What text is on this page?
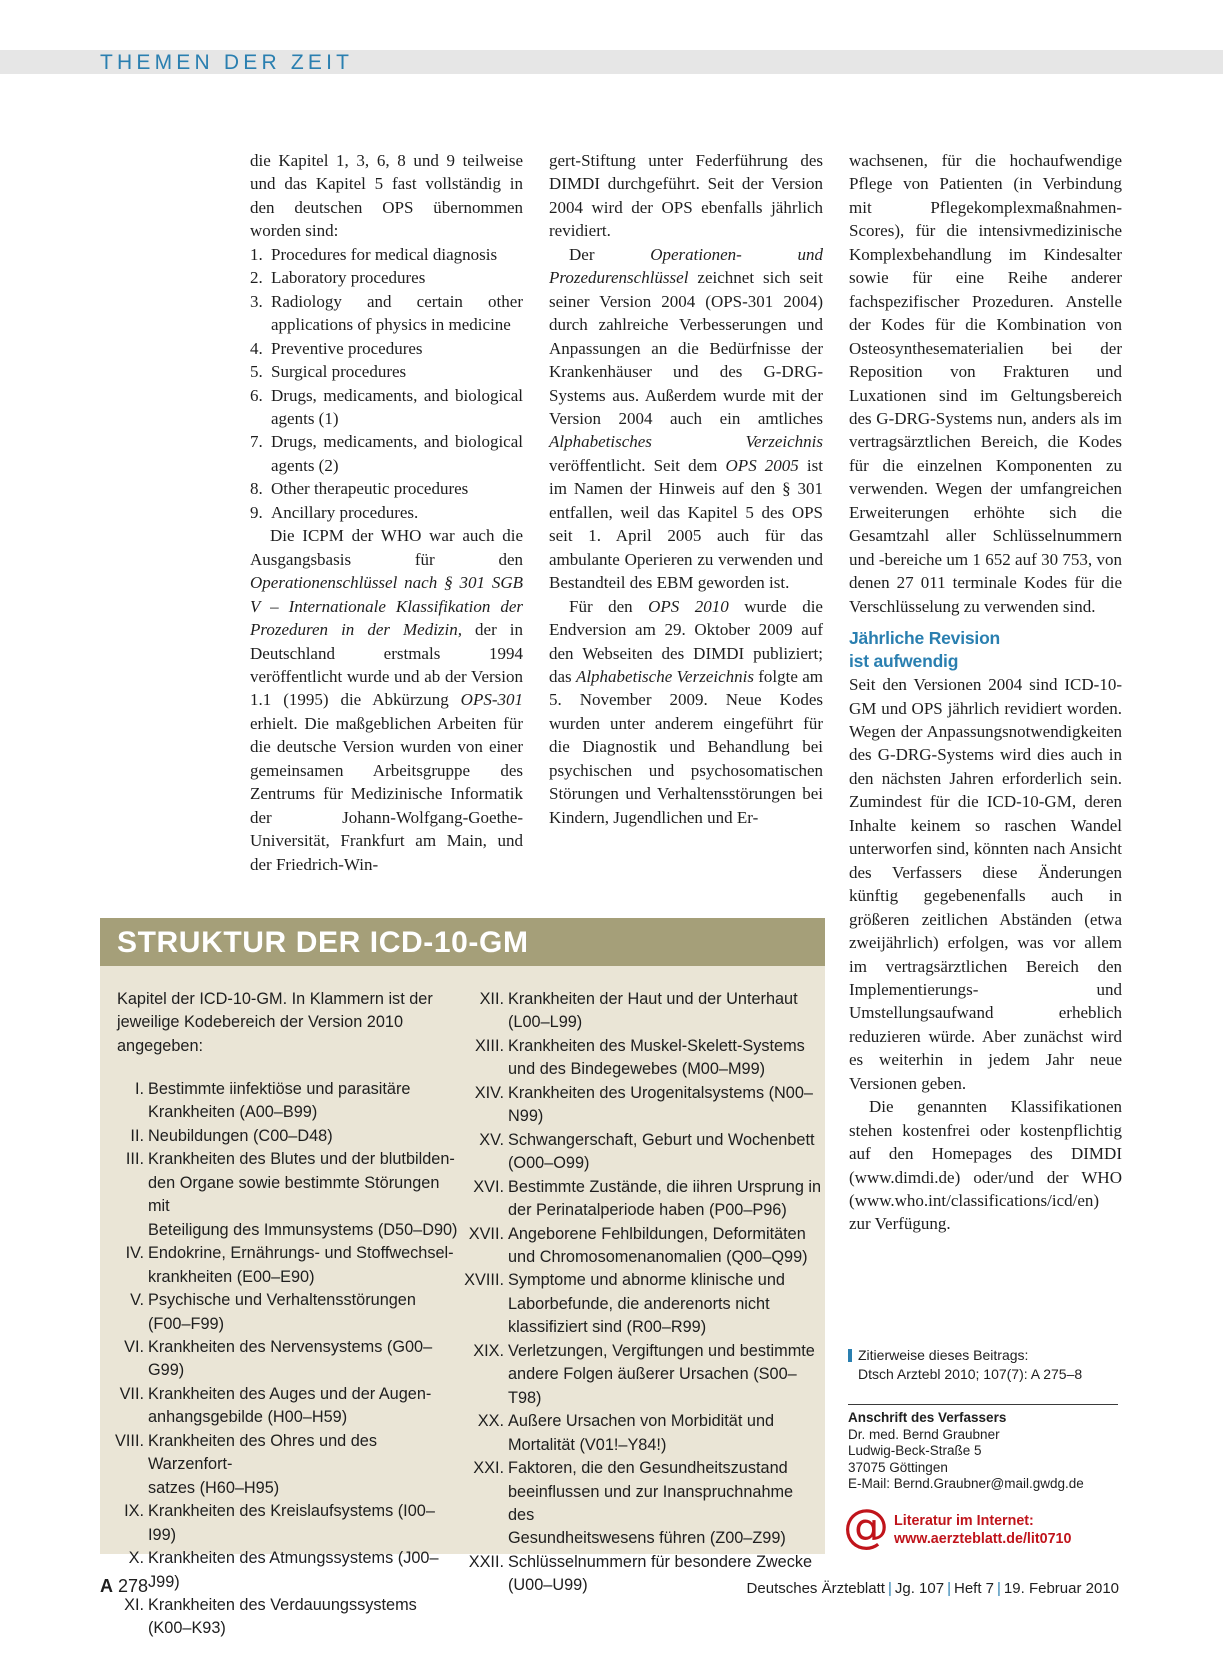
THEMEN DER ZEIT

die Kapitel 1, 3, 6, 8 und 9 teilweise und das Kapitel 5 fast vollständig in den deutschen OPS übernommen worden sind:

1. Procedures for medical diagnosis
2. Laboratory procedures
3. Radiology and certain other applications of physics in medicine
4. Preventive procedures
5. Surgical procedures
6. Drugs, medicaments, and biological agents (1)
7. Drugs, medicaments, and biological agents (2)
8. Other therapeutic procedures
9. Ancillary procedures.

Die ICPM der WHO war auch die Ausgangsbasis für den Operationenschlüssel nach § 301 SGB V – Internationale Klassifikation der Prozeduren in der Medizin, der in Deutschland erstmals 1994 veröffentlicht wurde und ab der Version 1.1 (1995) die Abkürzung OPS-301 erhielt. Die maßgeblichen Arbeiten für die deutsche Version wurden von einer gemeinsamen Arbeitsgruppe des Zentrums für Medizinische Informatik der Johann-Wolfgang-Goethe-Universität, Frankfurt am Main, und der Friedrich-Win-

gert-Stiftung unter Federführung des DIMDI durchgeführt. Seit der Version 2004 wird der OPS ebenfalls jährlich revidiert.

Der Operationen- und Prozedurenschlüssel zeichnet sich seit seiner Version 2004 (OPS-301 2004) durch zahlreiche Verbesserungen und Anpassungen an die Bedürfnisse der Krankenhäuser und des G-DRG-Systems aus. Außerdem wurde mit der Version 2004 auch ein amtliches Alphabetisches Verzeichnis veröffentlicht. Seit dem OPS 2005 ist im Namen der Hinweis auf den § 301 entfallen, weil das Kapitel 5 des OPS seit 1. April 2005 auch für das ambulante Operieren zu verwenden und Bestandteil des EBM geworden ist.

Für den OPS 2010 wurde die Endversion am 29. Oktober 2009 auf den Webseiten des DIMDI publiziert; das Alphabetische Verzeichnis folgte am 5. November 2009. Neue Kodes wurden unter anderem eingeführt für die Diagnostik und Behandlung bei psychischen und psychosomatischen Störungen und Verhaltensstörungen bei Kindern, Jugendlichen und Er-

wachsenen, für die hochaufwendige Pflege von Patienten (in Verbindung mit Pflegekomplexmaßnahmen-Scores), für die intensivmedizinische Komplexbehandlung im Kindesalter sowie für eine Reihe anderer fachspezifischer Prozeduren. Anstelle der Kodes für die Kombination von Osteosynthesematerialien bei der Reposition von Frakturen und Luxationen sind im Geltungsbereich des G-DRG-Systems nun, anders als im vertragsärztlichen Bereich, die Kodes für die einzelnen Komponenten zu verwenden. Wegen der umfangreichen Erweiterungen erhöhte sich die Gesamtzahl aller Schlüsselnummern und -bereiche um 1 652 auf 30 753, von denen 27 011 terminale Kodes für die Verschlüsselung zu verwenden sind.

Jährliche Revision
ist aufwendig

Seit den Versionen 2004 sind ICD-10-GM und OPS jährlich revidiert worden. Wegen der Anpassungsnotwendigkeiten des G-DRG-Systems wird dies auch in den nächsten Jahren erforderlich sein. Zumindest für die ICD-10-GM, deren Inhalte keinem so raschen Wandel unterworfen sind, könnten nach Ansicht des Verfassers diese Änderungen künftig gegebenenfalls auch in größeren zeitlichen Abständen (etwa zweijährlich) erfolgen, was vor allem im vertragsärztlichen Bereich den Implementierungs- und Umstellungsaufwand erheblich reduzieren würde. Aber zunächst wird es weiterhin in jedem Jahr neue Versionen geben.

Die genannten Klassifikationen stehen kostenfrei oder kostenpflichtig auf den Homepages des DIMDI (www.dimdi.de) oder/und der WHO (www.who.int/classifications/icd/en) zur Verfügung.

STRUKTUR DER ICD-10-GM
Kapitel der ICD-10-GM. In Klammern ist der jeweilige Kodebereich der Version 2010 angegeben:
I. Bestimmte iinfektiöse und parasitäre
Krankheiten (A00–B99)
II. Neubildungen (C00–D48)
III. Krankheiten des Blutes und der blutbilden-
den Organe sowie bestimmte Störungen mit
Beteiligung des Immunsystems (D50–D90)
IV. Endokrine, Ernährungs- und Stoffwechsel-
krankheiten (E00–E90)
V. Psychische und Verhaltensstörungen
(F00–F99)
VI. Krankheiten des Nervensystems (G00–G99)
VII. Krankheiten des Auges und der Augen-
anhangsgebilde (H00–H59)
VIII. Krankheiten des Ohres und des Warzenfort-
satzes (H60–H95)
IX. Krankheiten des Kreislaufsystems (I00–I99)
X. Krankheiten des Atmungssystems (J00–J99)
XI. Krankheiten des Verdauungssystems
(K00–K93)
XII. Krankheiten der Haut und der Unterhaut
(L00–L99)
XIII. Krankheiten des Muskel-Skelett-Systems
und des Bindegewebes (M00–M99)
XIV. Krankheiten des Urogenitalsystems (N00–N99)
XV. Schwangerschaft, Geburt und Wochenbett
(O00–O99)
XVI. Bestimmte Zustände, die iihren Ursprung in
der Perinatalperiode haben (P00–P96)
XVII. Angeborene Fehlbildungen, Deformitäten
und Chromosomenanomalien (Q00–Q99)
XVIII. Symptome und abnorme klinische und
Laborbefunde, die anderenorts nicht
klassifiziert sind (R00–R99)
XIX. Verletzungen, Vergiftungen und bestimmte
andere Folgen äußerer Ursachen (S00–T98)
XX. Außere Ursachen von Morbidität und
Mortalität (V01!–Y84!)
XXI. Faktoren, die den Gesundheitszustand
beeinflussen und zur Inanspruchnahme des
Gesundheitswesens führen (Z00–Z99)
XXII. Schlüsselnummern für besondere Zwecke
(U00–U99)
Zitierweise dieses Beitrags:
Dtsch Arztebl 2010; 107(7): A 275–8
Anschrift des Verfassers
Dr. med. Bernd Graubner
Ludwig-Beck-Straße 5
37075 Göttingen
E-Mail: Bernd.Graubner@mail.gwdg.de
@ Literatur im Internet:
www.aerzteblatt.de/lit0710
A 278	Deutsches Ärzteblatt | Jg. 107 | Heft 7 | 19. Februar 2010
